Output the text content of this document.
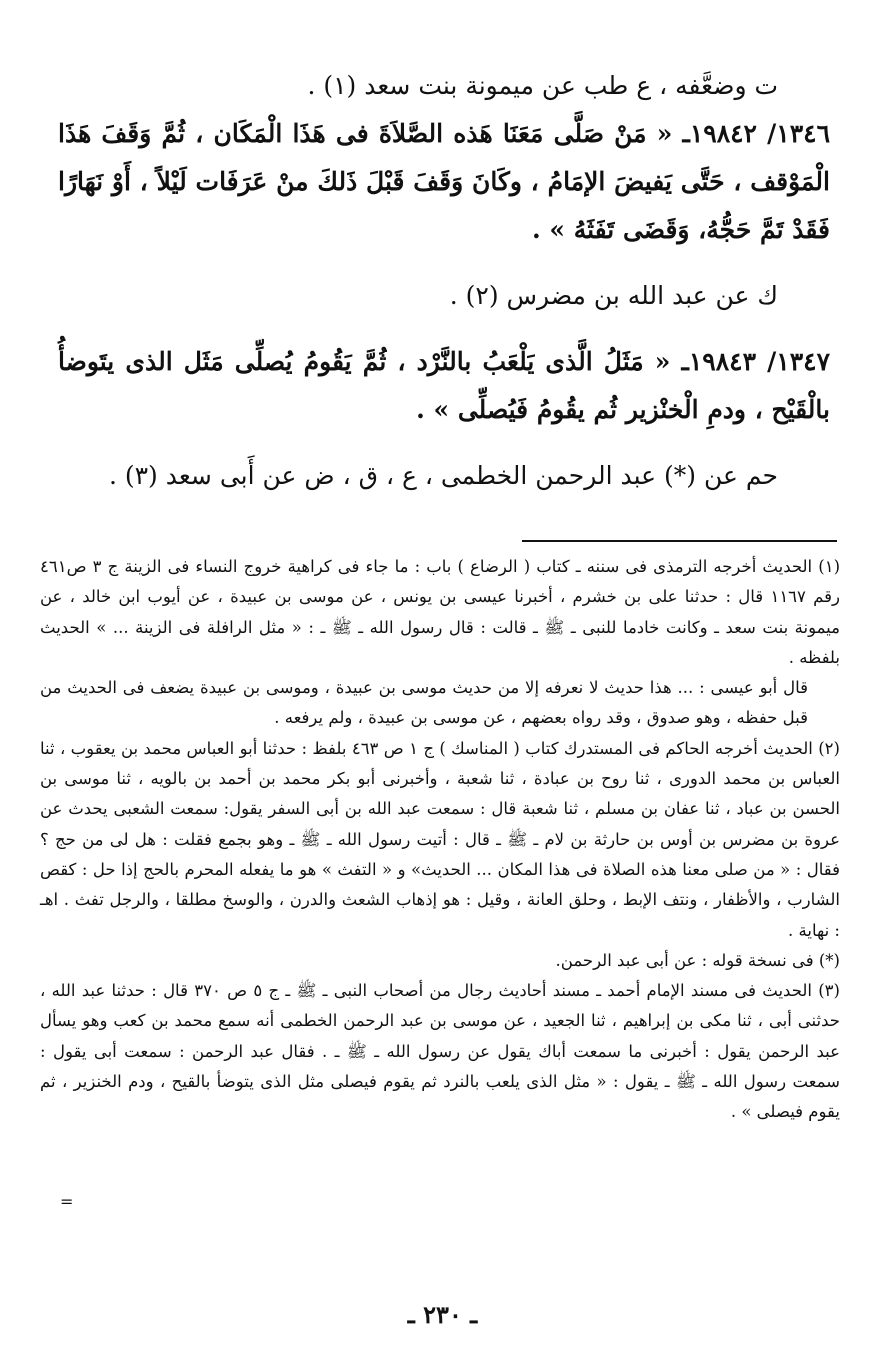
ت وضعَّفه ، ع طب عن ميمونة بنت سعد (١) .

١٣٤٦/ ١٩٨٤٢ـ « مَنْ صَلَّى مَعَنَا هَذه الصَّلاَةَ فى هَذَا الْمَكَان ، ثُمَّ وَقَفَ هَذَا الْمَوْقف ، حَتَّى يَفيضَ الإمَامُ ، وكَانَ وَقَفَ قَبْلَ ذَلكَ منْ عَرَفَات لَيْلاً ، أَوْ نَهَارًا فَقَدْ تَمَّ حَجُّهُ، وَقَضَى تَفَثَهُ » .

ك عن عبد الله بن مضرس (٢) .

١٣٤٧/ ١٩٨٤٣ـ « مَثَلُ الَّذى يَلْعَبُ بالنَّرْد ، ثُمَّ يَقُومُ يُصلِّى مَثَل الذى يتَوضأُ بالْقَيْح ، ودمِ الْخنْزير ثُم يقُومُ فَيُصلِّى » .

حم عن (*) عبد الرحمن الخطمى ، ع ، ق ، ض عن أَبى سعد (٣) .

(١) الحديث أخرجه الترمذى فى سننه ـ كتاب ( الرضاع ) باب : ما جاء فى كراهية خروج النساء فى الزينة ج ٣ ص٤٦١ رقم ١١٦٧ قال : حدثنا على بن خشرم ، أخبرنا عيسى بن يونس ، عن موسى بن عبيدة ، عن أيوب ابن خالد ، عن ميمونة بنت سعد ـ وكانت خادما للنبى ـ ﷺ ـ قالت : قال رسول الله ـ ﷺ ـ : « مثل الرافلة فى الزينة ... » الحديث بلفظه .

قال أبو عيسى : ... هذا حديث لا نعرفه إلا من حديث موسى بن عبيدة ، وموسى بن عبيدة يضعف فى الحديث من قبل حفظه ، وهو صدوق ، وقد رواه بعضهم ، عن موسى بن عبيدة ، ولم يرفعه .

(٢) الحديث أخرجه الحاكم فى المستدرك كتاب ( المناسك ) ج ١ ص ٤٦٣ بلفظ : حدثنا أبو العباس محمد بن يعقوب ، ثنا العباس بن محمد الدورى ، ثنا روح بن عبادة ، ثنا شعبة ، وأخبرنى أبو بكر محمد بن أحمد بن بالويه ، ثنا موسى بن الحسن بن عباد ، ثنا عفان بن مسلم ، ثنا شعبة قال : سمعت عبد الله بن أبى السفر يقول: سمعت الشعبى يحدث عن عروة بن مضرس بن أوس بن حارثة بن لام ـ ﷺ ـ قال : أتيت رسول الله ـ ﷺ ـ وهو بجمع فقلت : هل لى من حج ؟ فقال : « من صلى معنا هذه الصلاة فى هذا المكان ... الحديث» و « التفث » هو ما يفعله المحرم بالحج إذا حل : كقص الشارب ، والأظفار ، ونتف الإبط ، وحلق العانة ، وقيل : هو إذهاب الشعث والدرن ، والوسخ مطلقا ، والرجل تفث . اهـ : نهاية .

(*) فى نسخة قوله : عن أبى عبد الرحمن.

(٣) الحديث فى مسند الإمام أحمد ـ مسند أحاديث رجال من أصحاب النبى ـ ﷺ ـ ج ٥ ص ٣٧٠ قال : حدثنا عبد الله ، حدثنى أبى ، ثنا مكى بن إبراهيم ، ثنا الجعيد ، عن موسى بن عبد الرحمن الخطمى أنه سمع محمد بن كعب وهو يسأل عبد الرحمن يقول : أخبرنى ما سمعت أباك يقول عن رسول الله ـ ﷺ ـ . فقال عبد الرحمن : سمعت أبى يقول : سمعت رسول الله ـ ﷺ ـ يقول : « مثل الذى يلعب بالنرد ثم يقوم فيصلى مثل الذى يتوضأ بالقيح ، ودم الخنزير ، ثم يقوم فيصلى » .

=
ـ ٢٣٠ ـ
